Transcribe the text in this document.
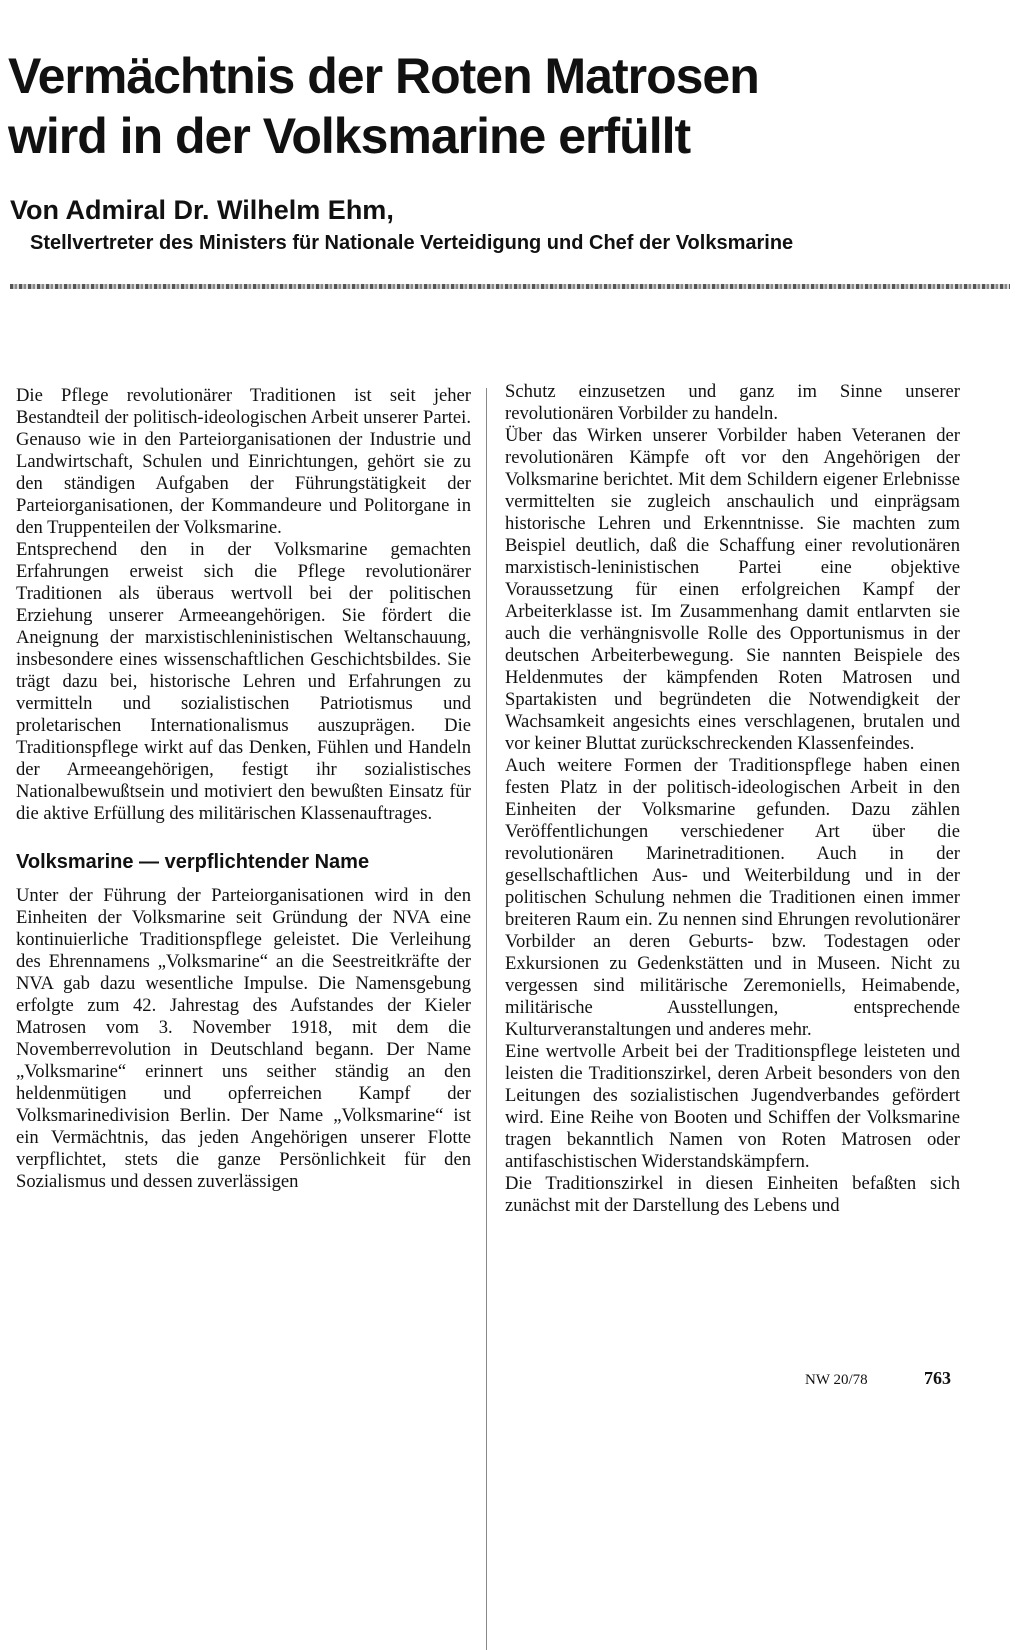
Vermächtnis der Roten Matrosen
wird in der Volksmarine erfüllt

Von Admiral Dr. Wilhelm Ehm,

Stellvertreter des Ministers für Nationale Verteidigung und Chef der Volksmarine

Die Pflege revolutionärer Traditionen ist seit jeher Bestandteil der politisch-ideologischen Arbeit unserer Partei. Genauso wie in den Parteiorganisationen der Industrie und Landwirtschaft, Schulen und Einrichtungen, gehört sie zu den ständigen Aufgaben der Führungstätigkeit der Parteiorganisationen, der Kommandeure und Politorgane in den Truppenteilen der Volksmarine.

Entsprechend den in der Volksmarine gemachten Erfahrungen erweist sich die Pflege revolutionärer Traditionen als überaus wertvoll bei der politischen Erziehung unserer Armeeangehörigen. Sie fördert die Aneignung der marxistischleninistischen Weltanschauung, insbesondere eines wissenschaftlichen Geschichtsbildes. Sie trägt dazu bei, historische Lehren und Erfahrungen zu vermitteln und sozialistischen Patriotismus und proletarischen Internationalismus auszuprägen. Die Traditionspflege wirkt auf das Denken, Fühlen und Handeln der Armeeangehörigen, festigt ihr sozialistisches Nationalbewußtsein und motiviert den bewußten Einsatz für die aktive Erfüllung des militärischen Klassenauftrages.

Volksmarine — verpflichtender Name

Unter der Führung der Parteiorganisationen wird in den Einheiten der Volksmarine seit Gründung der NVA eine kontinuierliche Traditionspflege geleistet. Die Verleihung des Ehrennamens „Volksmarine“ an die Seestreitkräfte der NVA gab dazu wesentliche Impulse. Die Namensgebung erfolgte zum 42. Jahrestag des Aufstandes der Kieler Matrosen vom 3. November 1918, mit dem die Novemberrevolution in Deutschland begann. Der Name „Volksmarine“ erinnert uns seither ständig an den heldenmütigen und opferreichen Kampf der Volksmarinedivision Berlin. Der Name „Volksmarine“ ist ein Vermächtnis, das jeden Angehörigen unserer Flotte verpflichtet, stets die ganze Persönlichkeit für den Sozialismus und dessen zuverlässigen

Schutz einzusetzen und ganz im Sinne unserer revolutionären Vorbilder zu handeln.

Über das Wirken unserer Vorbilder haben Veteranen der revolutionären Kämpfe oft vor den Angehörigen der Volksmarine berichtet. Mit dem Schildern eigener Erlebnisse vermittelten sie zugleich anschaulich und einprägsam historische Lehren und Erkenntnisse. Sie machten zum Beispiel deutlich, daß die Schaffung einer revolutionären marxistisch-leninistischen Partei eine objektive Voraussetzung für einen erfolgreichen Kampf der Arbeiterklasse ist. Im Zusammenhang damit entlarvten sie auch die verhängnisvolle Rolle des Opportunismus in der deutschen Arbeiterbewegung. Sie nannten Beispiele des Heldenmutes der kämpfenden Roten Matrosen und Spartakisten und begründeten die Notwendigkeit der Wachsamkeit angesichts eines verschlagenen, brutalen und vor keiner Bluttat zurückschreckenden Klassenfeindes.

Auch weitere Formen der Traditionspflege haben einen festen Platz in der politisch-ideologischen Arbeit in den Einheiten der Volksmarine gefunden. Dazu zählen Veröffentlichungen verschiedener Art über die revolutionären Marinetraditionen. Auch in der gesellschaftlichen Aus- und Weiterbildung und in der politischen Schulung nehmen die Traditionen einen immer breiteren Raum ein. Zu nennen sind Ehrungen revolutionärer Vorbilder an deren Geburts- bzw. Todestagen oder Exkursionen zu Gedenkstätten und in Museen. Nicht zu vergessen sind militärische Zeremoniells, Heimabende, militärische Ausstellungen, entsprechende Kulturveranstaltungen und anderes mehr.

Eine wertvolle Arbeit bei der Traditionspflege leisteten und leisten die Traditionszirkel, deren Arbeit besonders von den Leitungen des sozialistischen Jugendverbandes gefördert wird. Eine Reihe von Booten und Schiffen der Volksmarine tragen bekanntlich Namen von Roten Matrosen oder antifaschistischen Widerstandskämpfern.

Die Traditionszirkel in diesen Einheiten befaßten sich zunächst mit der Darstellung des Lebens und

NW 20/78	763
